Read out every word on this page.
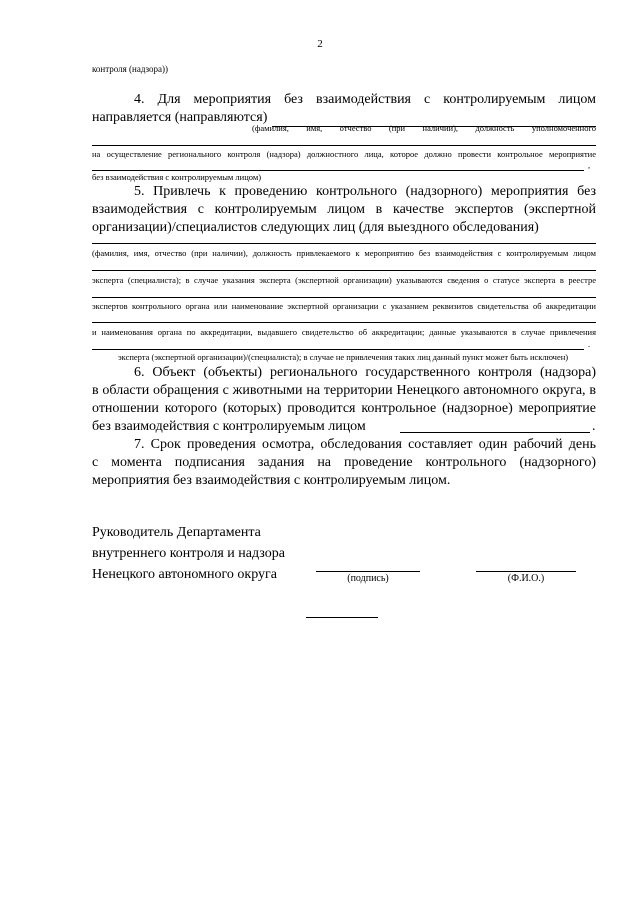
2
контроля (надзора))
4. Для мероприятия без взаимодействия с контролируемым лицом
направляется (направляются)
(фамилия, имя, отчество (при наличии), должность уполномоченного
на осуществление регионального контроля (надзора) должностного лица, которое должно провести контрольное мероприятие
,
без взаимодействия с контролируемым лицом)
5. Привлечь к проведению контрольного (надзорного) мероприятия без взаимодействия с контролируемым лицом в качестве экспертов (экспертной организации)/специалистов следующих лиц (для выездного обследования)
(фамилия, имя, отчество (при наличии), должность привлекаемого к мероприятию без взаимодействия с контролируемым лицом
эксперта (специалиста); в случае указания эксперта (экспертной организации) указываются сведения о статусе эксперта в реестре
экспертов контрольного органа или наименование экспертной организации с указанием реквизитов свидетельства об аккредитации
и наименования органа по аккредитации, выдавшего свидетельство об аккредитации; данные указываются в случае привлечения
.
эксперта (экспертной организации)/(специалиста); в случае не привлечения таких лиц данный пункт может быть исключен)
6. Объект (объекты) регионального государственного контроля (надзора)
в области обращения с животными на территории Ненецкого автономного округа, в
отношении которого (которых) проводится контрольное (надзорное) мероприятие
без взаимодействия с контролируемым лицом	.
7. Срок проведения осмотра, обследования составляет один рабочий день
с момента подписания задания на проведение контрольного (надзорного)
мероприятия без взаимодействия с контролируемым лицом.
Руководитель Департамента
внутреннего контроля и надзора
Ненецкого автономного округа	(подпись)	(Ф.И.О.)
